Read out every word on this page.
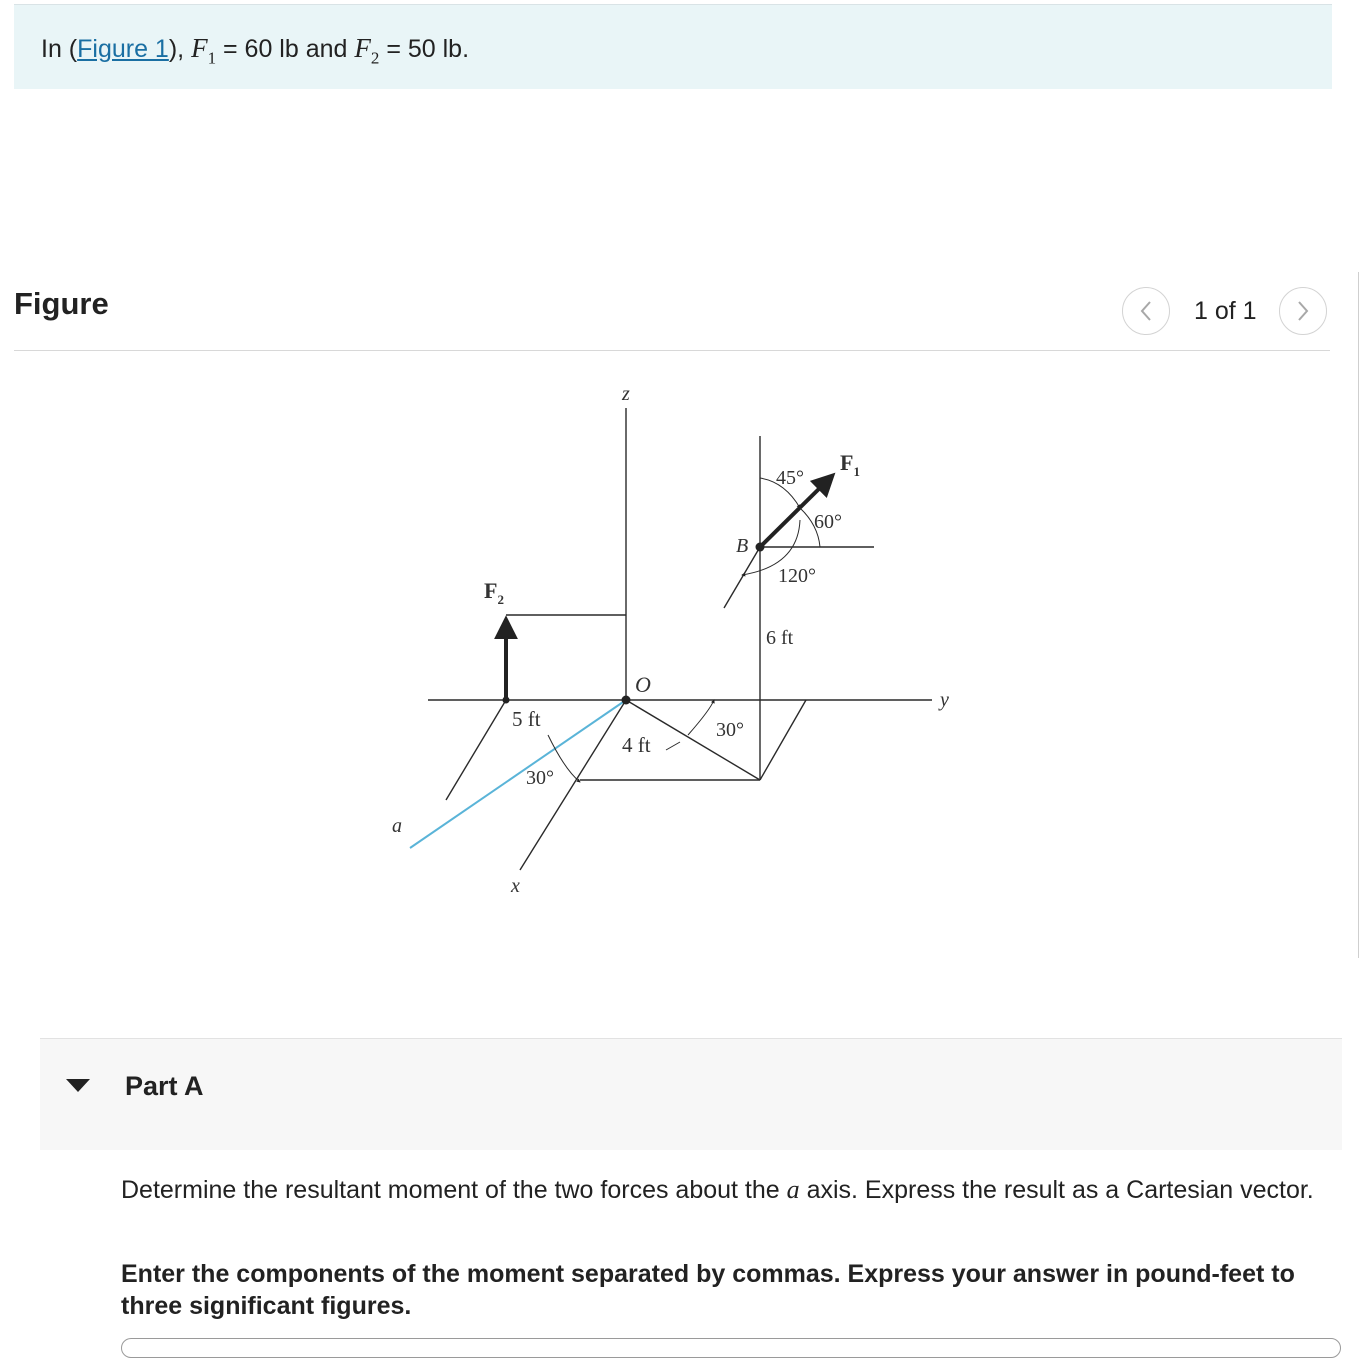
In (Figure 1), $F_1 = 60$ lb and $F_2 = 50$ lb.
Figure	1 of 1
z
y
x
a
O
B
$F_1$
$F_2$
45°
60°
120°
6 ft
5 ft
4 ft
30°
30°
Part A
Determine the resultant moment of the two forces about the a axis. Express the result as a Cartesian vector.
Enter the components of the moment separated by commas. Express your answer in pound-feet to three significant figures.
